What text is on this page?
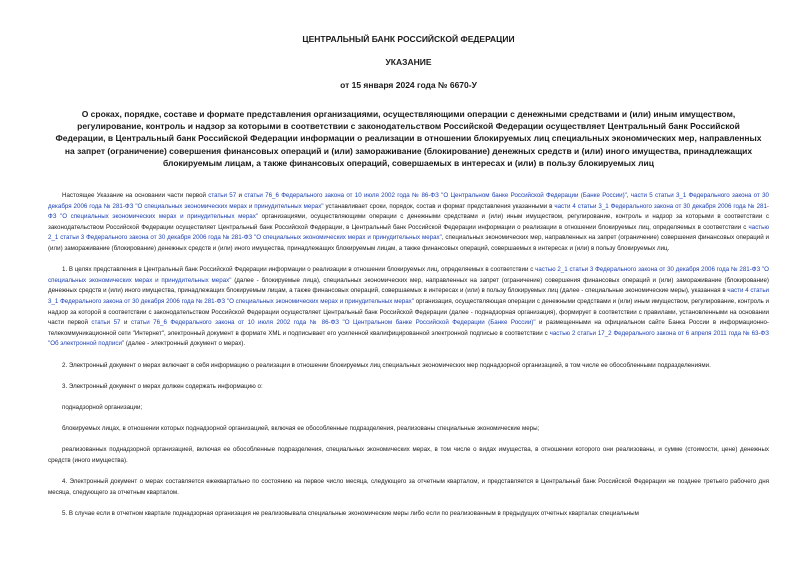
ЦЕНТРАЛЬНЫЙ БАНК РОССИЙСКОЙ ФЕДЕРАЦИИ
УКАЗАНИЕ
от 15 января 2024 года № 6670-У
О сроках, порядке, составе и формате представления организациями, осуществляющими операции с денежными средствами и (или) иным имуществом, регулирование, контроль и надзор за которыми в соответствии с законодательством Российской Федерации осуществляет Центральный банк Российской Федерации, в Центральный банк Российской Федерации информации о реализации в отношении блокируемых лиц специальных экономических мер, направленных на запрет (ограничение) совершения финансовых операций и (или) замораживание (блокирование) денежных средств и (или) иного имущества, принадлежащих блокируемым лицам, а также финансовых операций, совершаемых в интересах и (или) в пользу блокируемых лиц

Настоящее Указание на основании части первой статьи 57 и статьи 76_6 Федерального закона от 10 июля 2002 года № 86-ФЗ "О Центральном банке Российской Федерации (Банке России)", части 5 статьи 3_1 Федерального закона от 30 декабря 2006 года № 281-ФЗ "О специальных экономических мерах и принудительных мерах" устанавливает сроки, порядок, состав и формат представления указанными в части 4 статьи 3_1 Федерального закона от 30 декабря 2006 года № 281-ФЗ "О специальных экономических мерах и принудительных мерах" организациями, осуществляющими операции с денежными средствами и (или) иным имуществом, регулирование, контроль и надзор за которыми в соответствии с законодательством Российской Федерации осуществляет Центральный банк Российской Федерации, в Центральный банк Российской Федерации информации о реализации в отношении блокируемых лиц, определяемых в соответствии с частью 2_1 статьи 3 Федерального закона от 30 декабря 2006 года № 281-ФЗ "О специальных экономических мерах и принудительных мерах", специальных экономических мер, направленных на запрет (ограничение) совершения финансовых операций и (или) замораживание (блокирование) денежных средств и (или) иного имущества, принадлежащих блокируемым лицам, а также финансовых операций, совершаемых в интересах и (или) в пользу блокируемых лиц.

1. В целях представления в Центральный банк Российской Федерации информации о реализации в отношении блокируемых лиц, определяемых в соответствии с частью 2_1 статьи 3 Федерального закона от 30 декабря 2006 года № 281-ФЗ "О специальных экономических мерах и принудительных мерах" (далее - блокируемые лица), специальных экономических мер, направленных на запрет (ограничение) совершения финансовых операций и (или) замораживание (блокирование) денежных средств и (или) иного имущества, принадлежащих блокируемым лицам, а также финансовых операций, совершаемых в интересах и (или) в пользу блокируемых лиц (далее - специальные экономические меры), указанная в части 4 статьи 3_1 Федерального закона от 30 декабря 2006 года № 281-ФЗ "О специальных экономических мерах и принудительных мерах" организация, осуществляющая операции с денежными средствами и (или) иным имуществом, регулирование, контроль и надзор за которой в соответствии с законодательством Российской Федерации осуществляет Центральный банк Российской Федерации (далее - поднадзорная организация), формирует в соответствии с правилами, установленными на основании части первой статьи 57 и статьи 76_6 Федерального закона от 10 июля 2002 года № 86-ФЗ "О Центральном банке Российской Федерации (Банке России)" и размещенными на официальном сайте Банка России в информационно-телекоммуникационной сети "Интернет", электронный документ в формате XML и подписывает его усиленной квалифицированной электронной подписью в соответствии с частью 2 статьи 17_2 Федерального закона от 6 апреля 2011 года № 63-ФЗ "Об электронной подписи" (далее - электронный документ о мерах).

2. Электронный документ о мерах включает в себя информацию о реализации в отношении блокируемых лиц специальных экономических мер поднадзорной организацией, в том числе ее обособленными подразделениями.

3. Электронный документ о мерах должен содержать информацию о:

поднадзорной организации;

блокируемых лицах, в отношении которых поднадзорной организацией, включая ее обособленные подразделения, реализованы специальные экономические меры;

реализованных поднадзорной организацией, включая ее обособленные подразделения, специальных экономических мерах, в том числе о видах имущества, в отношении которого они реализованы, и сумме (стоимости, цене) денежных средств (иного имущества).

4. Электронный документ о мерах составляется ежеквартально по состоянию на первое число месяца, следующего за отчетным кварталом, и представляется в Центральный банк Российской Федерации не позднее третьего рабочего дня месяца, следующего за отчетным кварталом.

5. В случае если в отчетном квартале поднадзорная организация не реализовывала специальные экономические меры либо если по реализованным в предыдущих отчетных кварталах специальным
